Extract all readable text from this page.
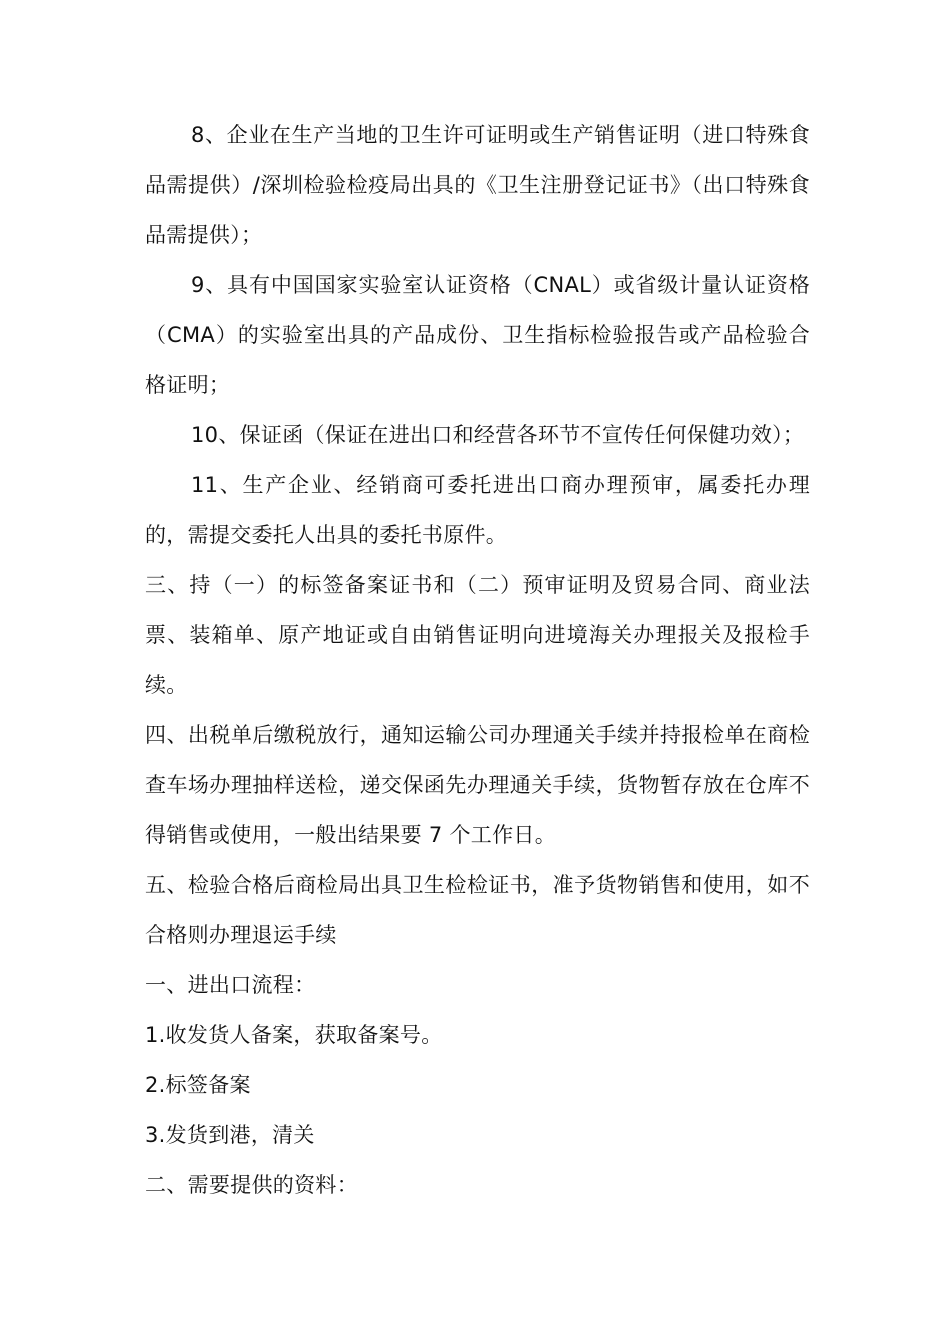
8、企业在生产当地的卫生许可证明或生产销售证明（进口特殊食品需提供）/深圳检验检疫局出具的《卫生注册登记证书》（出口特殊食品需提供）；

9、具有中国国家实验室认证资格（CNAL）或省级计量认证资格（CMA）的实验室出具的产品成份、卫生指标检验报告或产品检验合格证明；

10、保证函（保证在进出口和经营各环节不宣传任何保健功效）；

11、生产企业、经销商可委托进出口商办理预审，属委托办理的，需提交委托人出具的委托书原件。

三、持（一）的标签备案证书和（二）预审证明及贸易合同、商业法票、装箱单、原产地证或自由销售证明向进境海关办理报关及报检手续。

四、出税单后缴税放行，通知运输公司办理通关手续并持报检单在商检查车场办理抽样送检，递交保函先办理通关手续，货物暂存放在仓库不得销售或使用，一般出结果要 7 个工作日。

五、检验合格后商检局出具卫生检检证书，准予货物销售和使用，如不合格则办理退运手续

一、进出口流程：

1.收发货人备案，获取备案号。

2.标签备案

3.发货到港，清关

二、需要提供的资料：
